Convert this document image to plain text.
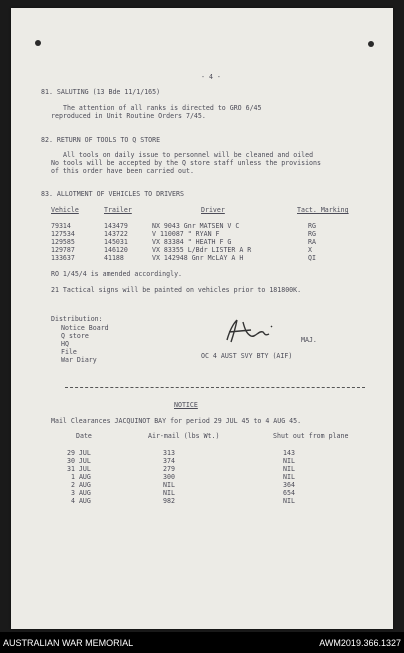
- 4 -
81. SALUTING (13 Bde 11/1/165)
The attention of all ranks is directed to GRO 6/45
reproduced in Unit Routine Orders 7/45.
82. RETURN OF TOOLS TO Q STORE
All tools on daily issue to personnel will be cleaned and oiled
No tools will be accepted by the Q store staff unless the provisions
of this order have been carried out.
83. ALLOTMENT OF VEHICLES TO DRIVERS
Vehicle	Trailer	Driver	Tact. Marking
79314	143479	NX 9043 Gnr MATSEN V C	RG
127534	143722	V 110087 " RYAN F	RG
129585	145031	VX 83384 " HEATH F G	RA
129787	146120	VX 83355 L/Bdr LISTER A R	X
133637	41188	VX 142948 Gnr McLAY A H	QI
RO 1/45/4 is amended accordingly.
21 Tactical signs will be painted on vehicles prior to 181800K.
Distribution:
Notice Board
Q store
HQ
File
War Diary
MAJ.
OC 4 AUST SVY BTY (AIF)
NOTICE
Mail Clearances JACQUINOT BAY for period 29 JUL 45 to 4 AUG 45.
Date	Air-mail (lbs Wt.)	Shut out from plane
29 JUL	313	143
30 JUL	374	NIL
31 JUL	279	NIL
1 AUG	300	NIL
2 AUG	NIL	364
3 AUG	NIL	654
4 AUG	982	NIL
AUSTRALIAN WAR MEMORIAL	AWM2019.366.1327
